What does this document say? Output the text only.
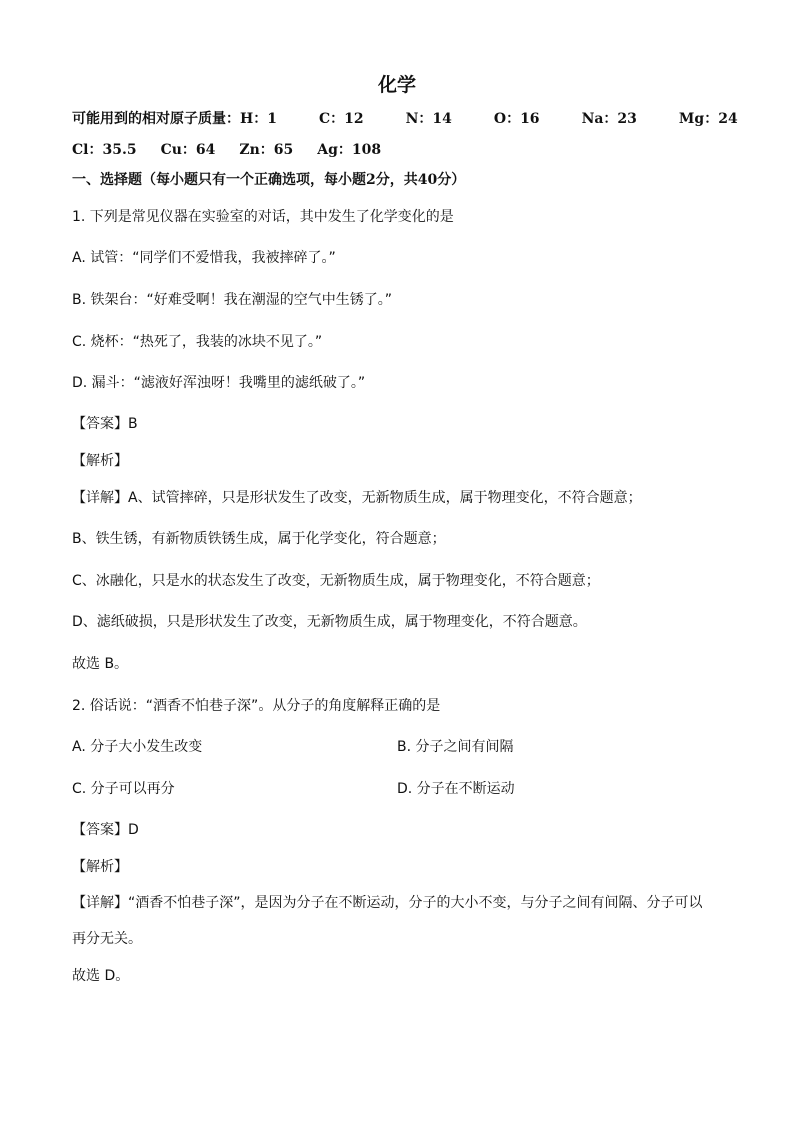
化学
可能用到的相对原子质量：H：1	C：12	N：14	O：16	Na：23	Mg：24
Cl：35.5 Cu：64 Zn：65 Ag：108
一、选择题（每小题只有一个正确选项，每小题2分，共40分）
1. 下列是常见仪器在实验室的对话，其中发生了化学变化的是
A. 试管：“同学们不爱惜我，我被摔碎了。”
B. 铁架台：“好难受啊！我在潮湿的空气中生锈了。”
C. 烧杯：“热死了，我装的冰块不见了。”
D. 漏斗：“滤液好浑浊呀！我嘴里的滤纸破了。”
【答案】B
【解析】
【详解】A、试管摔碎，只是形状发生了改变，无新物质生成，属于物理变化，不符合题意；
B、铁生锈，有新物质铁锈生成，属于化学变化，符合题意；
C、冰融化，只是水的状态发生了改变，无新物质生成，属于物理变化，不符合题意；
D、滤纸破损，只是形状发生了改变，无新物质生成，属于物理变化，不符合题意。
故选 B。
2. 俗话说：“酒香不怕巷子深”。从分子的角度解释正确的是
A. 分子大小发生改变	B. 分子之间有间隔
C. 分子可以再分	D. 分子在不断运动
【答案】D
【解析】
【详解】“酒香不怕巷子深”，是因为分子在不断运动，分子的大小不变，与分子之间有间隔、分子可以
再分无关。
故选 D。
